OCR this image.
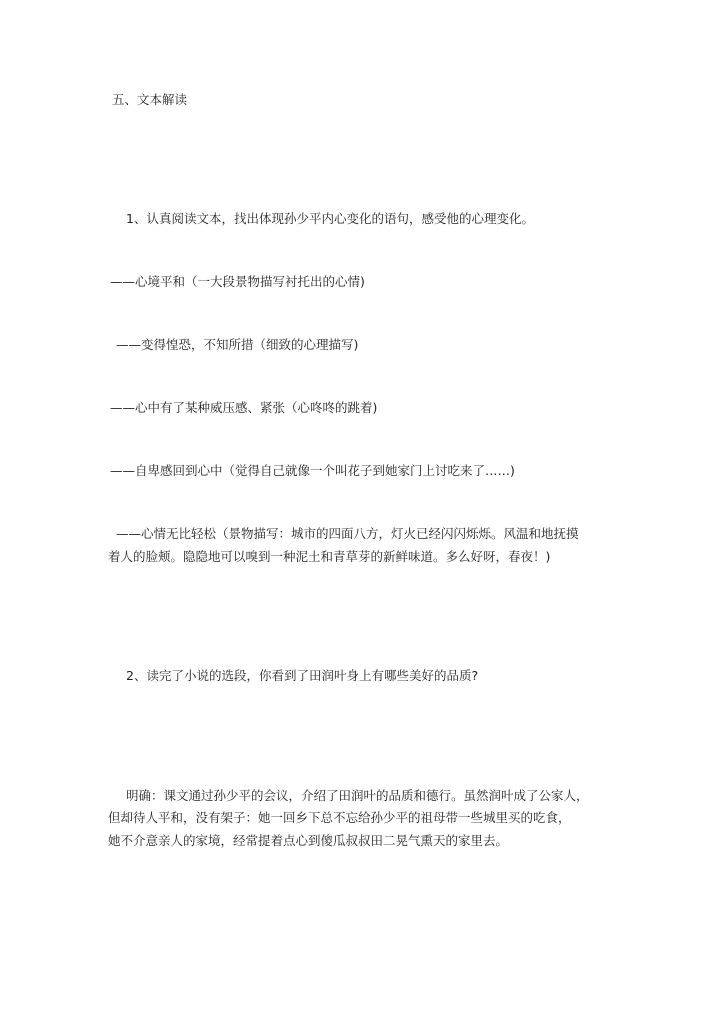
五、文本解读
1、认真阅读文本，找出体现孙少平内心变化的语句，感受他的心理变化。
——心境平和（一大段景物描写衬托出的心情)
——变得惶恐，不知所措（细致的心理描写)
——心中有了某种威压感、紧张（心咚咚的跳着)
——自卑感回到心中（觉得自己就像一个叫花子到她家门上讨吃来了……)
——心情无比轻松（景物描写：城市的四面八方，灯火已经闪闪烁烁。风温和地抚摸
着人的脸颊。隐隐地可以嗅到一种泥土和青草芽的新鲜味道。多么好呀，春夜！)
2、读完了小说的选段，你看到了田润叶身上有哪些美好的品质?
明确：课文通过孙少平的会议，介绍了田润叶的品质和德行。虽然润叶成了公家人，
但却待人平和，没有架子：她一回乡下总不忘给孙少平的祖母带一些城里买的吃食，
她不介意亲人的家境，经常提着点心到傻瓜叔叔田二晃气熏天的家里去。
